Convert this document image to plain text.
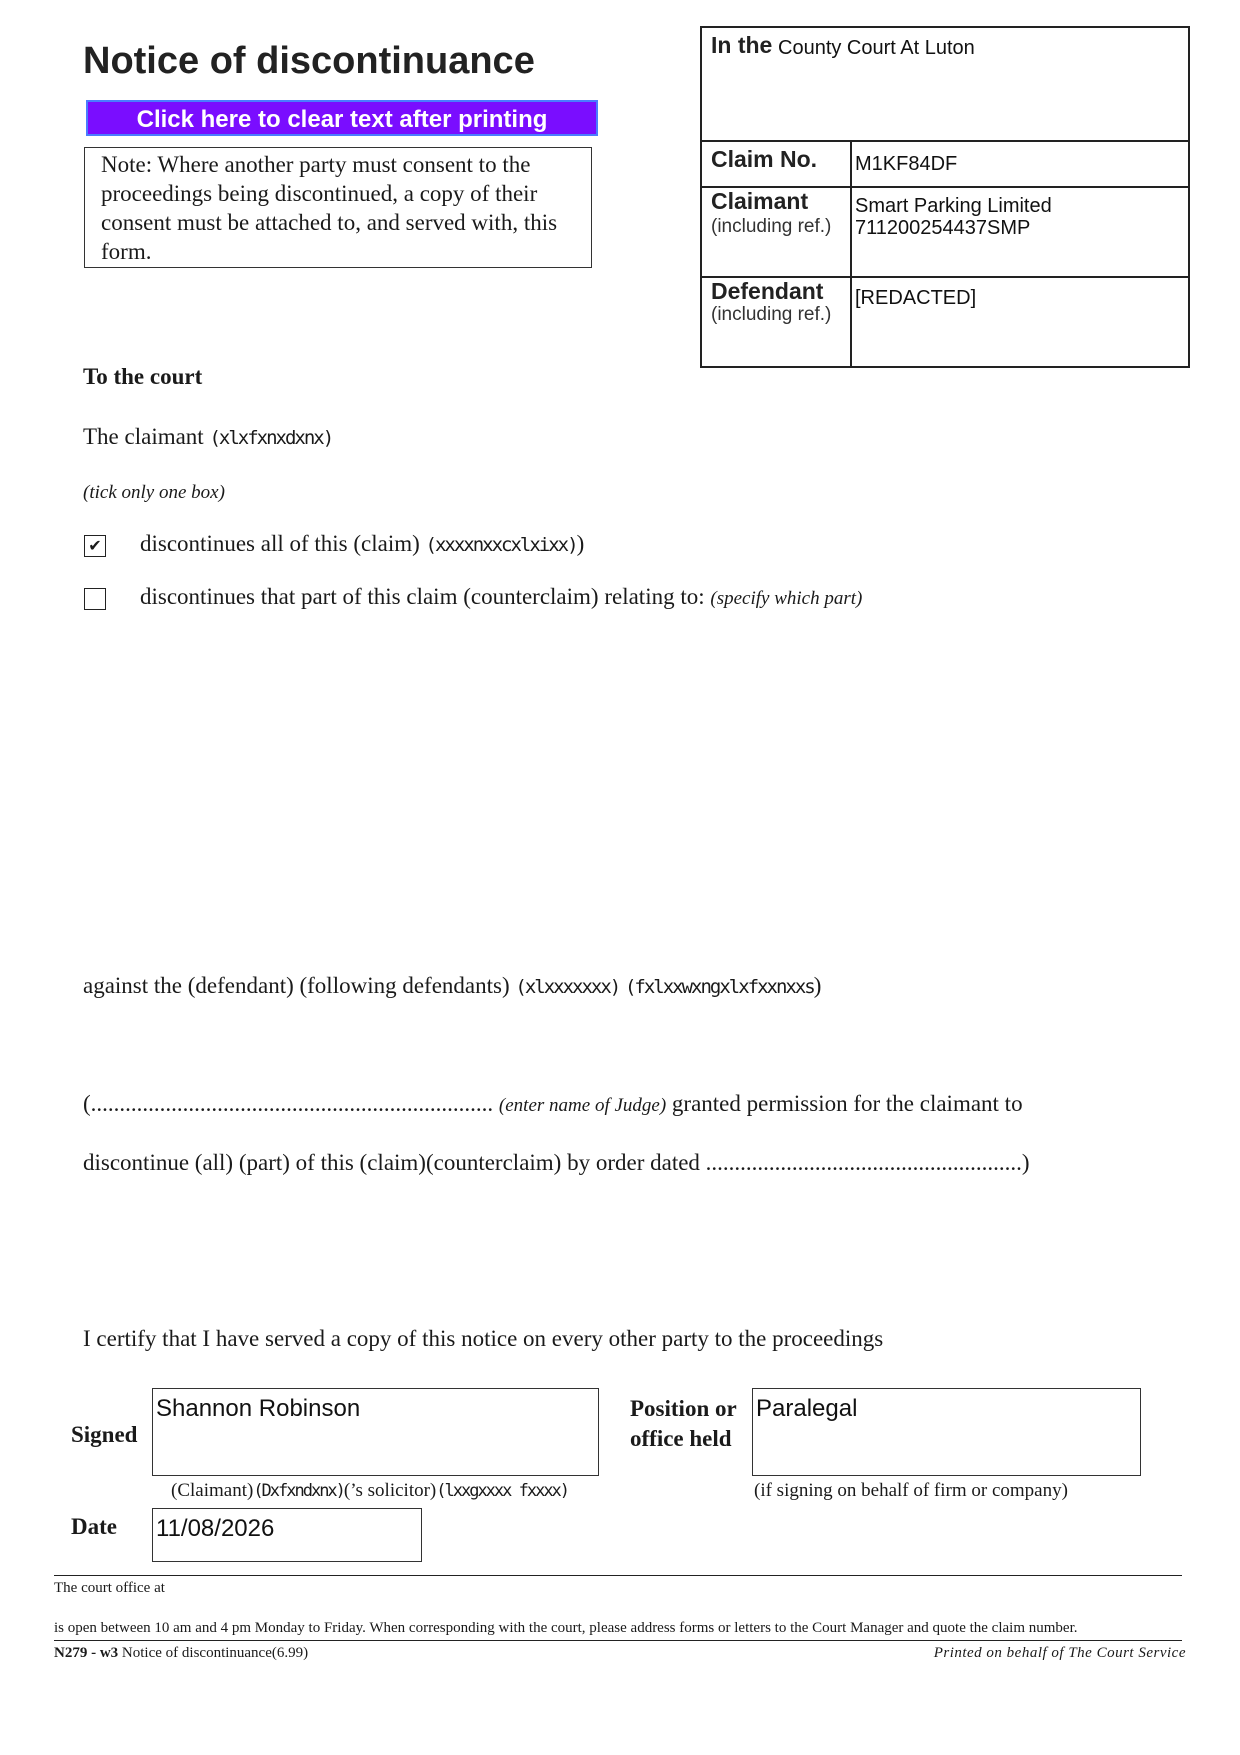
Notice of discontinuance
Click here to clear text after printing
Note: Where another party must consent to the proceedings being discontinued, a copy of their consent must be attached to, and served with, this form.
In the County Court At Luton
Claim No. M1KF84DF
Claimant
(including ref.)
Smart Parking Limited
711200254437SMP
Defendant
(including ref.)
[REDACTED]
To the court
The claimant (xlxfxnxdxnx)
(tick only one box)
✔ discontinues all of this (claim) (xxxxnxxcxlxixx))
discontinues that part of this claim (counterclaim) relating to: (specify which part)
against the (defendant) (following defendants) (xlxxxxxxx) (fxlxxwxngxlxfxxnxxs)
(...................................................................... (enter name of Judge) granted permission for the claimant to
discontinue (all) (part) of this (claim)(counterclaim) by order dated .......................................................)
I certify that I have served a copy of this notice on every other party to the proceedings
Signed
Shannon Robinson
(Claimant)(Dxfxndxnx)(’s solicitor)(lxxgxxxx fxxxx)
Position or
office held
Paralegal
(if signing on behalf of firm or company)
Date 11/08/2026
The court office at
is open between 10 am and 4 pm Monday to Friday. When corresponding with the court, please address forms or letters to the Court Manager and quote the claim number.
N279 - w3 Notice of discontinuance(6.99)	Printed on behalf of The Court Service
